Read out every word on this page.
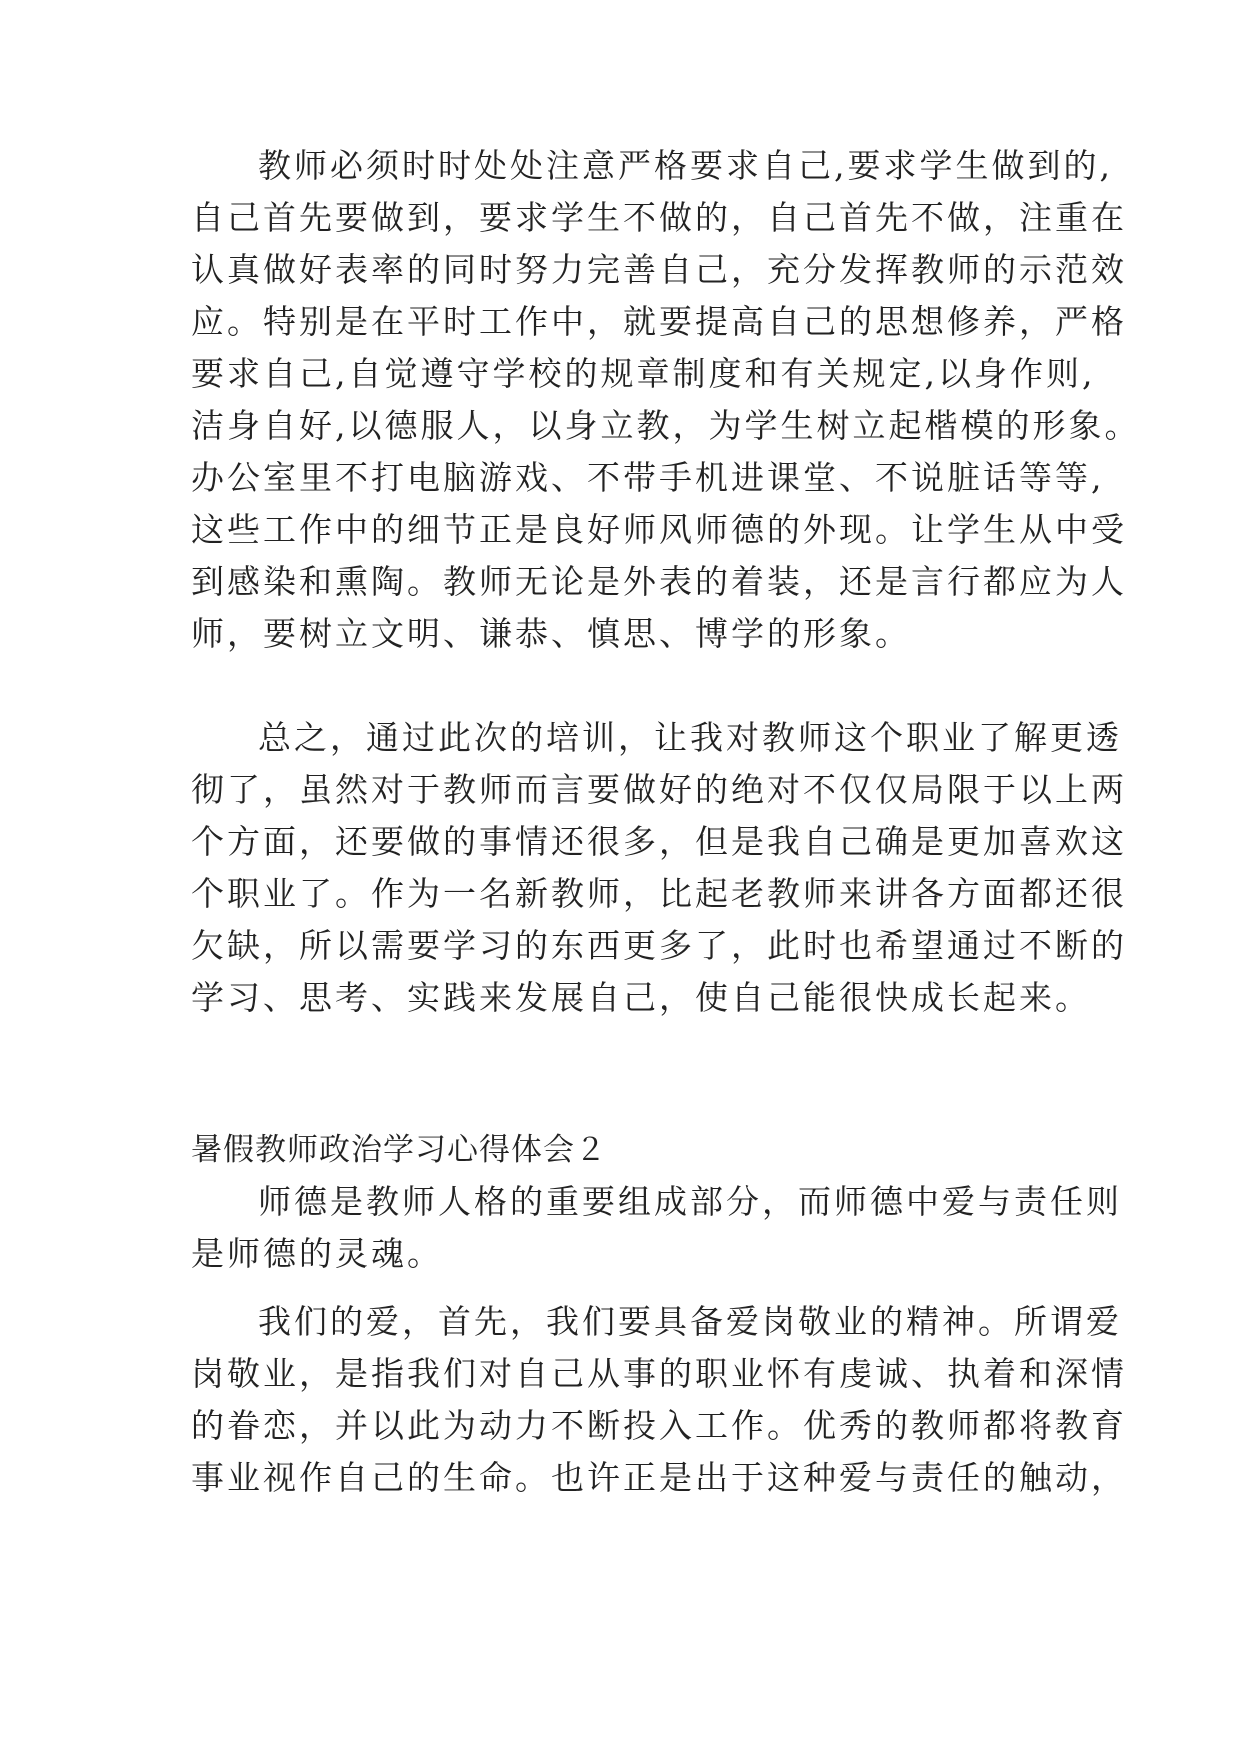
教师必须时时处处注意严格要求自己,要求学生做到的,
自己首先要做到，要求学生不做的，自己首先不做，注重在
认真做好表率的同时努力完善自己，充分发挥教师的示范效
应。特别是在平时工作中，就要提高自己的思想修养，严格
要求自己,自觉遵守学校的规章制度和有关规定,以身作则,
洁身自好,以德服人，以身立教，为学生树立起楷模的形象。
办公室里不打电脑游戏、不带手机进课堂、不说脏话等等,
这些工作中的细节正是良好师风师德的外现。让学生从中受
到感染和熏陶。教师无论是外表的着装，还是言行都应为人
师，要树立文明、谦恭、慎思、博学的形象。
总之，通过此次的培训，让我对教师这个职业了解更透
彻了，虽然对于教师而言要做好的绝对不仅仅局限于以上两
个方面，还要做的事情还很多，但是我自己确是更加喜欢这
个职业了。作为一名新教师，比起老教师来讲各方面都还很
欠缺，所以需要学习的东西更多了，此时也希望通过不断的
学习、思考、实践来发展自己，使自己能很快成长起来。
暑假教师政治学习心得体会２
师德是教师人格的重要组成部分，而师德中爱与责任则
是师德的灵魂。
我们的爱，首先，我们要具备爱岗敬业的精神。所谓爱
岗敬业，是指我们对自己从事的职业怀有虔诚、执着和深情
的眷恋，并以此为动力不断投入工作。优秀的教师都将教育
事业视作自己的生命。也许正是出于这种爱与责任的触动，
